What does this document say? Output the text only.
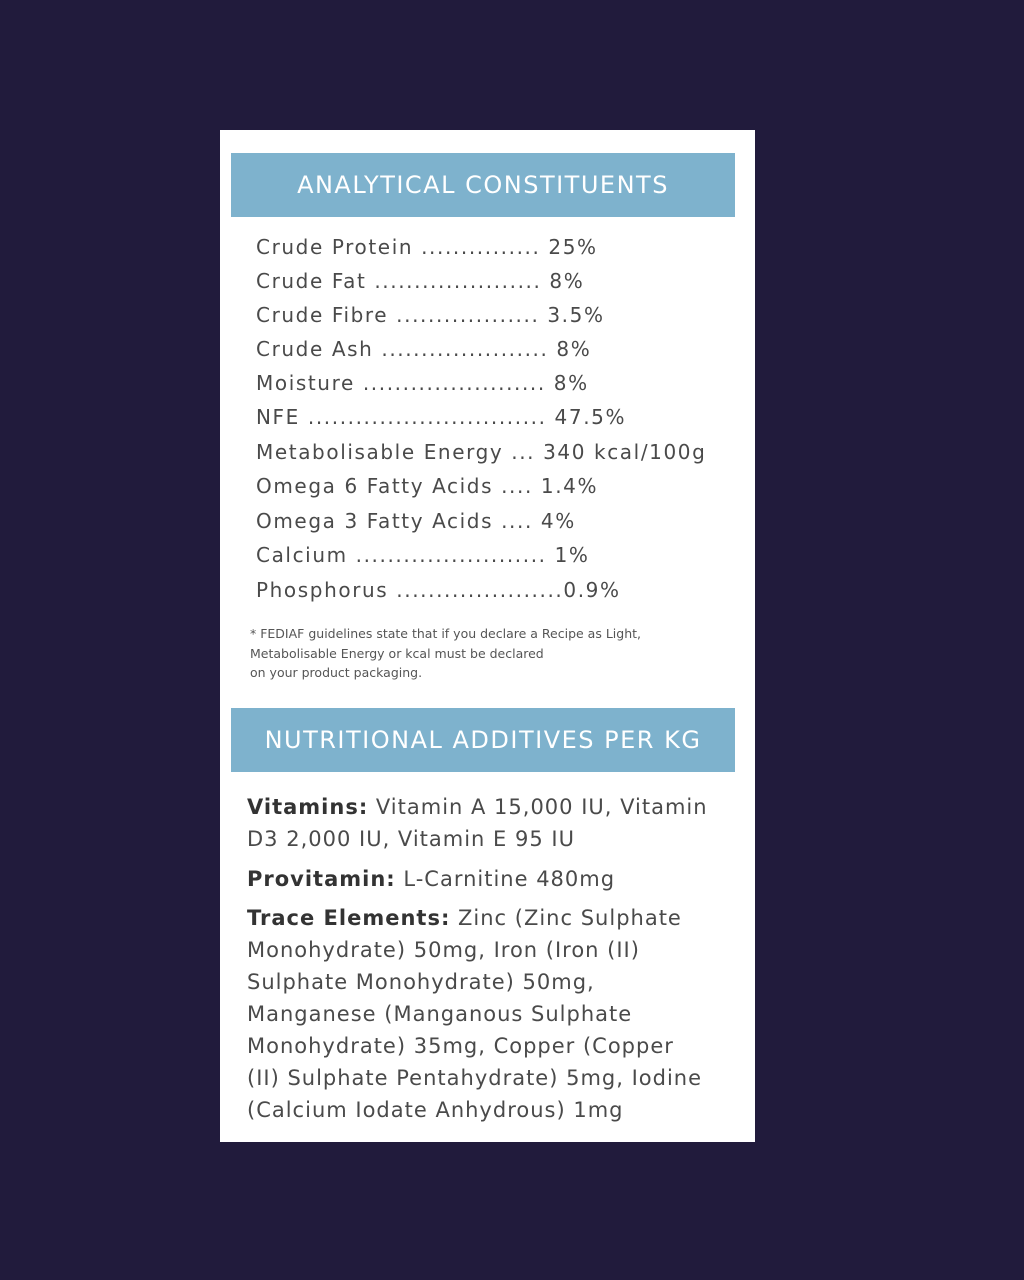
ANALYTICAL CONSTITUENTS
Crude Protein ............... 25%
Crude Fat ..................... 8%
Crude Fibre .................. 3.5%
Crude Ash ..................... 8%
Moisture ....................... 8%
NFE .............................. 47.5%
Metabolisable Energy ... 340 kcal/100g
Omega 6 Fatty Acids .... 1.4%
Omega 3 Fatty Acids .... 4%
Calcium ........................ 1%
Phosphorus .....................0.9%
* FEDIAF guidelines state that if you declare a Recipe as Light,
Metabolisable Energy or kcal must be declared
on your product packaging.
NUTRITIONAL ADDITIVES PER KG
Vitamins: Vitamin A 15,000 IU, Vitamin
D3 2,000 IU, Vitamin E 95 IU
Provitamin: L-Carnitine 480mg
Trace Elements: Zinc (Zinc Sulphate
Monohydrate) 50mg, Iron (Iron (II)
Sulphate Monohydrate) 50mg,
Manganese (Manganous Sulphate
Monohydrate) 35mg, Copper (Copper
(II) Sulphate Pentahydrate) 5mg, Iodine
(Calcium Iodate Anhydrous) 1mg
